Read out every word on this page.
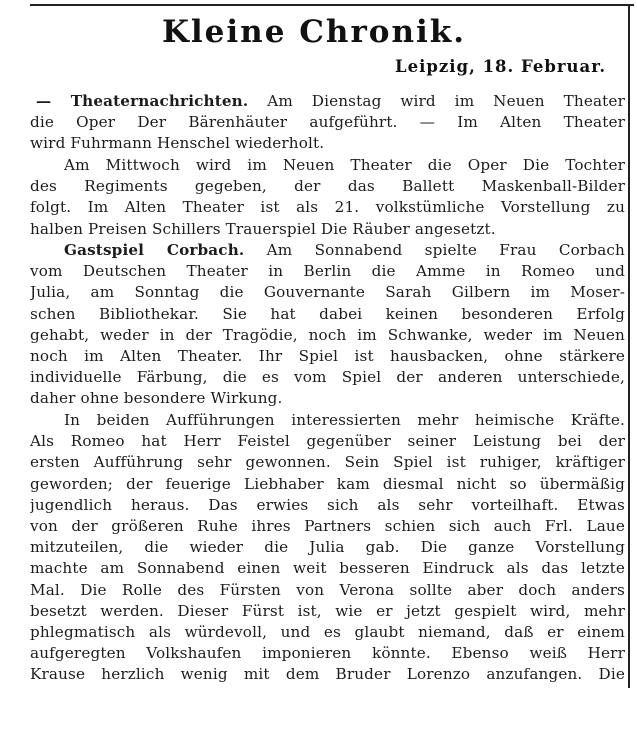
Kleine Chronik.
Leipzig, 18. Februar.
— Theaternachrichten. Am Dienstag wird im Neuen Theater
die Oper Der Bärenhäuter aufgeführt. — Im Alten Theater
wird Fuhrmann Henschel wiederholt.
Am Mittwoch wird im Neuen Theater die Oper Die Tochter
des Regiments gegeben, der das Ballett Maskenball-Bilder
folgt. Im Alten Theater ist als 21. volkstümliche Vorstellung zu
halben Preisen Schillers Trauerspiel Die Räuber angesetzt.
Gastspiel Corbach. Am Sonnabend spielte Frau Corbach
vom Deutschen Theater in Berlin die Amme in Romeo und
Julia, am Sonntag die Gouvernante Sarah Gilbern im Moser-
schen Bibliothekar. Sie hat dabei keinen besonderen Erfolg
gehabt, weder in der Tragödie, noch im Schwanke, weder im Neuen
noch im Alten Theater. Ihr Spiel ist hausbacken, ohne stärkere
individuelle Färbung, die es vom Spiel der anderen unterschiede,
daher ohne besondere Wirkung.
In beiden Aufführungen interessierten mehr heimische Kräfte.
Als Romeo hat Herr Feistel gegenüber seiner Leistung bei der
ersten Aufführung sehr gewonnen. Sein Spiel ist ruhiger, kräftiger
geworden; der feuerige Liebhaber kam diesmal nicht so übermäßig
jugendlich heraus. Das erwies sich als sehr vorteilhaft. Etwas
von der größeren Ruhe ihres Partners schien sich auch Frl. Laue
mitzuteilen, die wieder die Julia gab. Die ganze Vorstellung
machte am Sonnabend einen weit besseren Eindruck als das letzte
Mal. Die Rolle des Fürsten von Verona sollte aber doch anders
besetzt werden. Dieser Fürst ist, wie er jetzt gespielt wird, mehr
phlegmatisch als würdevoll, und es glaubt niemand, daß er einem
aufgeregten Volkshaufen imponieren könnte. Ebenso weiß Herr
Krause herzlich wenig mit dem Bruder Lorenzo anzufangen. Die
